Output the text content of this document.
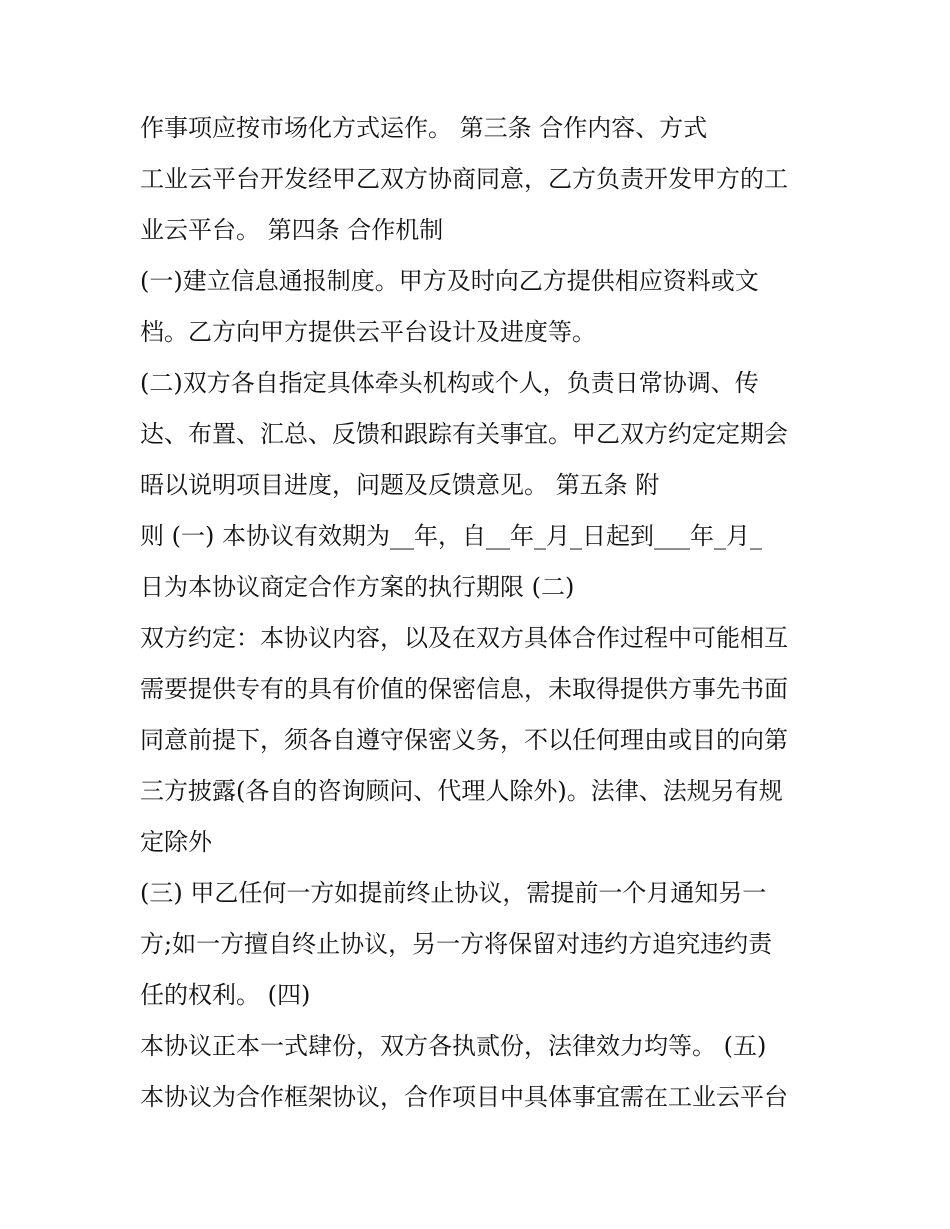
作事项应按市场化方式运作。 第三条 合作内容、方式
工业云平台开发经甲乙双方协商同意，乙方负责开发甲方的工
业云平台。 第四条 合作机制
(一)建立信息通报制度。甲方及时向乙方提供相应资料或文
档。乙方向甲方提供云平台设计及进度等。
(二)双方各自指定具体牵头机构或个人，负责日常协调、传
达、布置、汇总、反馈和跟踪有关事宜。甲乙双方约定定期会
晤以说明项目进度，问题及反馈意见。 第五条 附
则 (一) 本协议有效期为__年，自__年_月_日起到___年_月_
日为本协议商定合作方案的执行期限 (二)
双方约定：本协议内容，以及在双方具体合作过程中可能相互
需要提供专有的具有价值的保密信息，未取得提供方事先书面
同意前提下，须各自遵守保密义务，不以任何理由或目的向第
三方披露(各自的咨询顾问、代理人除外)。法律、法规另有规
定除外
(三) 甲乙任何一方如提前终止协议，需提前一个月通知另一
方;如一方擅自终止协议，另一方将保留对违约方追究违约责
任的权利。 (四)
本协议正本一式肆份，双方各执贰份，法律效力均等。 (五)
本协议为合作框架协议，合作项目中具体事宜需在工业云平台
